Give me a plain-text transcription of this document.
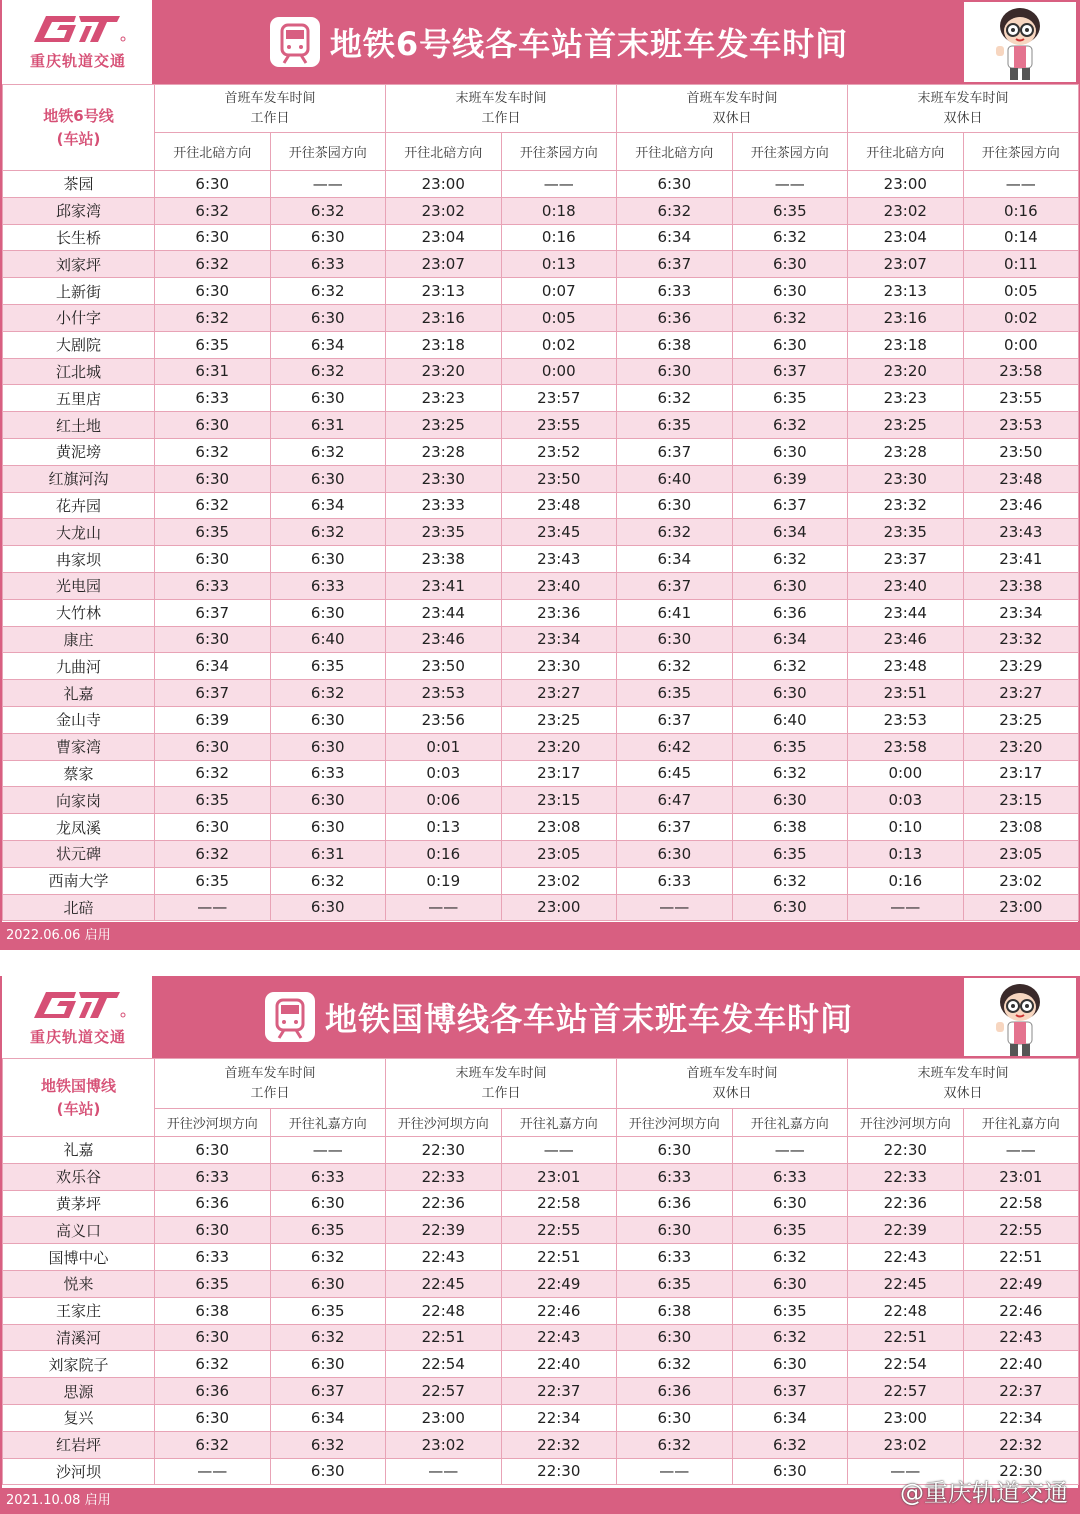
重庆轨道交通	地铁6号线各车站首末班车发车时间
地铁6号线
(车站)	首班车发车时间
工作日		末班车发车时间
工作日		首班车发车时间
双休日		末班车发车时间
双休日	
	开往北碚方向	开往茶园方向	开往北碚方向	开往茶园方向	开往北碚方向	开往茶园方向	开往北碚方向	开往茶园方向
茶园	6:30	——	23:00	——	6:30	——	23:00	——
邱家湾	6:32	6:32	23:02	0:18	6:32	6:35	23:02	0:16
长生桥	6:30	6:30	23:04	0:16	6:34	6:32	23:04	0:14
刘家坪	6:32	6:33	23:07	0:13	6:37	6:30	23:07	0:11
上新街	6:30	6:32	23:13	0:07	6:33	6:30	23:13	0:05
小什字	6:32	6:30	23:16	0:05	6:36	6:32	23:16	0:02
大剧院	6:35	6:34	23:18	0:02	6:38	6:30	23:18	0:00
江北城	6:31	6:32	23:20	0:00	6:30	6:37	23:20	23:58
五里店	6:33	6:30	23:23	23:57	6:32	6:35	23:23	23:55
红土地	6:30	6:31	23:25	23:55	6:35	6:32	23:25	23:53
黄泥塝	6:32	6:32	23:28	23:52	6:37	6:30	23:28	23:50
红旗河沟	6:30	6:30	23:30	23:50	6:40	6:39	23:30	23:48
花卉园	6:32	6:34	23:33	23:48	6:30	6:37	23:32	23:46
大龙山	6:35	6:32	23:35	23:45	6:32	6:34	23:35	23:43
冉家坝	6:30	6:30	23:38	23:43	6:34	6:32	23:37	23:41
光电园	6:33	6:33	23:41	23:40	6:37	6:30	23:40	23:38
大竹林	6:37	6:30	23:44	23:36	6:41	6:36	23:44	23:34
康庄	6:30	6:40	23:46	23:34	6:30	6:34	23:46	23:32
九曲河	6:34	6:35	23:50	23:30	6:32	6:32	23:48	23:29
礼嘉	6:37	6:32	23:53	23:27	6:35	6:30	23:51	23:27
金山寺	6:39	6:30	23:56	23:25	6:37	6:40	23:53	23:25
曹家湾	6:30	6:30	0:01	23:20	6:42	6:35	23:58	23:20
蔡家	6:32	6:33	0:03	23:17	6:45	6:32	0:00	23:17
向家岗	6:35	6:30	0:06	23:15	6:47	6:30	0:03	23:15
龙凤溪	6:30	6:30	0:13	23:08	6:37	6:38	0:10	23:08
状元碑	6:32	6:31	0:16	23:05	6:30	6:35	0:13	23:05
西南大学	6:35	6:32	0:19	23:02	6:33	6:32	0:16	23:02
北碚	——	6:30	——	23:00	——	6:30	——	23:00
2022.06.06 启用
重庆轨道交通	地铁国博线各车站首末班车发车时间
地铁国博线
(车站)	首班车发车时间
工作日		末班车发车时间
工作日		首班车发车时间
双休日		末班车发车时间
双休日	
	开往沙河坝方向	开往礼嘉方向	开往沙河坝方向	开往礼嘉方向	开往沙河坝方向	开往礼嘉方向	开往沙河坝方向	开往礼嘉方向
礼嘉	6:30	——	22:30	——	6:30	——	22:30	——
欢乐谷	6:33	6:33	22:33	23:01	6:33	6:33	22:33	23:01
黄茅坪	6:36	6:30	22:36	22:58	6:36	6:30	22:36	22:58
高义口	6:30	6:35	22:39	22:55	6:30	6:35	22:39	22:55
国博中心	6:33	6:32	22:43	22:51	6:33	6:32	22:43	22:51
悦来	6:35	6:30	22:45	22:49	6:35	6:30	22:45	22:49
王家庄	6:38	6:35	22:48	22:46	6:38	6:35	22:48	22:46
清溪河	6:30	6:32	22:51	22:43	6:30	6:32	22:51	22:43
刘家院子	6:32	6:30	22:54	22:40	6:32	6:30	22:54	22:40
思源	6:36	6:37	22:57	22:37	6:36	6:37	22:57	22:37
复兴	6:30	6:34	23:00	22:34	6:30	6:34	23:00	22:34
红岩坪	6:32	6:32	23:02	22:32	6:32	6:32	23:02	22:32
沙河坝	——	6:30	——	22:30	——	6:30	——	22:30
2021.10.08 启用	@重庆轨道交通
